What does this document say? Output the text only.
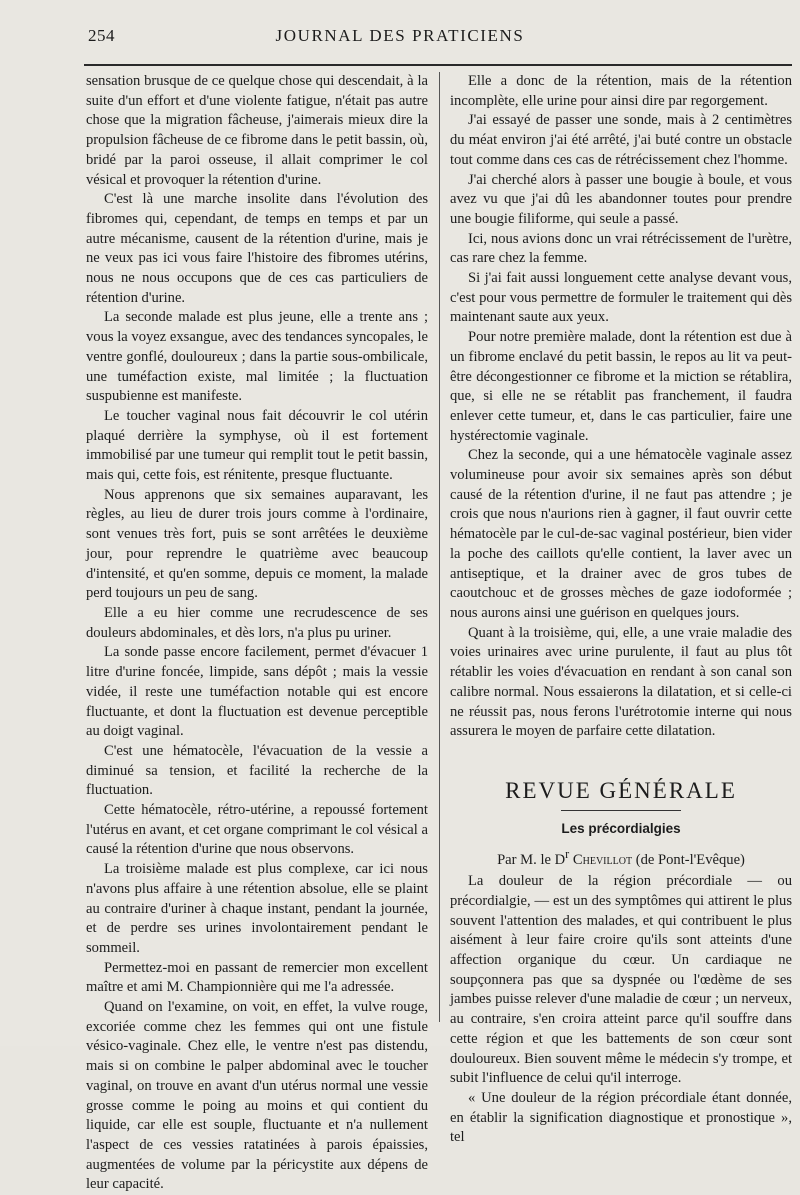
254	JOURNAL DES PRATICIENS

sensation brusque de ce quelque chose qui descendait, à la suite d'un effort et d'une violente fatigue, n'était pas autre chose que la migration fâcheuse, j'aimerais mieux dire la propulsion fâcheuse de ce fibrome dans le petit bassin, où, bridé par la paroi osseuse, il allait comprimer le col vésical et provoquer la rétention d'urine.

C'est là une marche insolite dans l'évolution des fibromes qui, cependant, de temps en temps et par un autre mécanisme, causent de la rétention d'urine, mais je ne veux pas ici vous faire l'histoire des fibromes utérins, nous ne nous occupons que de ces cas particuliers de rétention d'urine.

La seconde malade est plus jeune, elle a trente ans ; vous la voyez exsangue, avec des tendances syncopales, le ventre gonflé, douloureux ; dans la partie sous-ombilicale, une tuméfaction existe, mal limitée ; la fluctuation suspubienne est manifeste.

Le toucher vaginal nous fait découvrir le col utérin plaqué derrière la symphyse, où il est fortement immobilisé par une tumeur qui remplit tout le petit bassin, mais qui, cette fois, est rénitente, presque fluctuante.

Nous apprenons que six semaines auparavant, les règles, au lieu de durer trois jours comme à l'ordinaire, sont venues très fort, puis se sont arrêtées le deuxième jour, pour reprendre le quatrième avec beaucoup d'intensité, et qu'en somme, depuis ce moment, la malade perd toujours un peu de sang.

Elle a eu hier comme une recrudescence de ses douleurs abdominales, et dès lors, n'a plus pu uriner.

La sonde passe encore facilement, permet d'évacuer 1 litre d'urine foncée, limpide, sans dépôt ; mais la vessie vidée, il reste une tuméfaction notable qui est encore fluctuante, et dont la fluctuation est devenue perceptible au doigt vaginal.

C'est une hématocèle, l'évacuation de la vessie a diminué sa tension, et facilité la recherche de la fluctuation.

Cette hématocèle, rétro-utérine, a repoussé fortement l'utérus en avant, et cet organe comprimant le col vésical a causé la rétention d'urine que nous observons.

La troisième malade est plus complexe, car ici nous n'avons plus affaire à une rétention absolue, elle se plaint au contraire d'uriner à chaque instant, pendant la journée, et de perdre ses urines involontairement pendant le sommeil.

Permettez-moi en passant de remercier mon excellent maître et ami M. Championnière qui me l'a adressée.

Quand on l'examine, on voit, en effet, la vulve rouge, excoriée comme chez les femmes qui ont une fistule vésico-vaginale. Chez elle, le ventre n'est pas distendu, mais si on combine le palper abdominal avec le toucher vaginal, on trouve en avant d'un utérus normal une vessie grosse comme le poing au moins et qui contient du liquide, car elle est souple, fluctuante et n'a nullement l'aspect de ces vessies ratatinées à parois épaissies, augmentées de volume par la péricystite aux dépens de leur capacité.

Elle a donc de la rétention, mais de la rétention incomplète, elle urine pour ainsi dire par regorgement.

J'ai essayé de passer une sonde, mais à 2 centimètres du méat environ j'ai été arrêté, j'ai buté contre un obstacle tout comme dans ces cas de rétrécissement chez l'homme.

J'ai cherché alors à passer une bougie à boule, et vous avez vu que j'ai dû les abandonner toutes pour prendre une bougie filiforme, qui seule a passé.

Ici, nous avions donc un vrai rétrécissement de l'urètre, cas rare chez la femme.

Si j'ai fait aussi longuement cette analyse devant vous, c'est pour vous permettre de formuler le traitement qui dès maintenant saute aux yeux.

Pour notre première malade, dont la rétention est due à un fibrome enclavé du petit bassin, le repos au lit va peut-être décongestionner ce fibrome et la miction se rétablira, que, si elle ne se rétablit pas franchement, il faudra enlever cette tumeur, et, dans le cas particulier, faire une hystérectomie vaginale.

Chez la seconde, qui a une hématocèle vaginale assez volumineuse pour avoir six semaines après son début causé de la rétention d'urine, il ne faut pas attendre ; je crois que nous n'aurions rien à gagner, il faut ouvrir cette hématocèle par le cul-de-sac vaginal postérieur, bien vider la poche des caillots qu'elle contient, la laver avec un antiseptique, et la drainer avec de gros tubes de caoutchouc et de grosses mèches de gaze iodoformée ; nous aurons ainsi une guérison en quelques jours.

Quant à la troisième, qui, elle, a une vraie maladie des voies urinaires avec urine purulente, il faut au plus tôt rétablir les voies d'évacuation en rendant à son canal son calibre normal. Nous essaierons la dilatation, et si celle-ci ne réussit pas, nous ferons l'urétrotomie interne qui nous assurera le moyen de parfaire cette dilatation.

REVUE GÉNÉRALE
Les précordialgies
Par M. le $D^r$ Chevillot (de Pont-l'Evêque)

La douleur de la région précordiale — ou précordialgie, — est un des symptômes qui attirent le plus souvent l'attention des malades, et qui contribuent le plus aisément à leur faire croire qu'ils sont atteints d'une affection organique du cœur. Un cardiaque ne soupçonnera pas que sa dyspnée ou l'œdème de ses jambes puisse relever d'une maladie de cœur ; un nerveux, au contraire, s'en croira atteint parce qu'il souffre dans cette région et que les battements de son cœur sont douloureux. Bien souvent même le médecin s'y trompe, et subit l'influence de celui qu'il interroge.

« Une douleur de la région précordiale étant donnée, en établir la signification diagnostique et pronostique », tel
